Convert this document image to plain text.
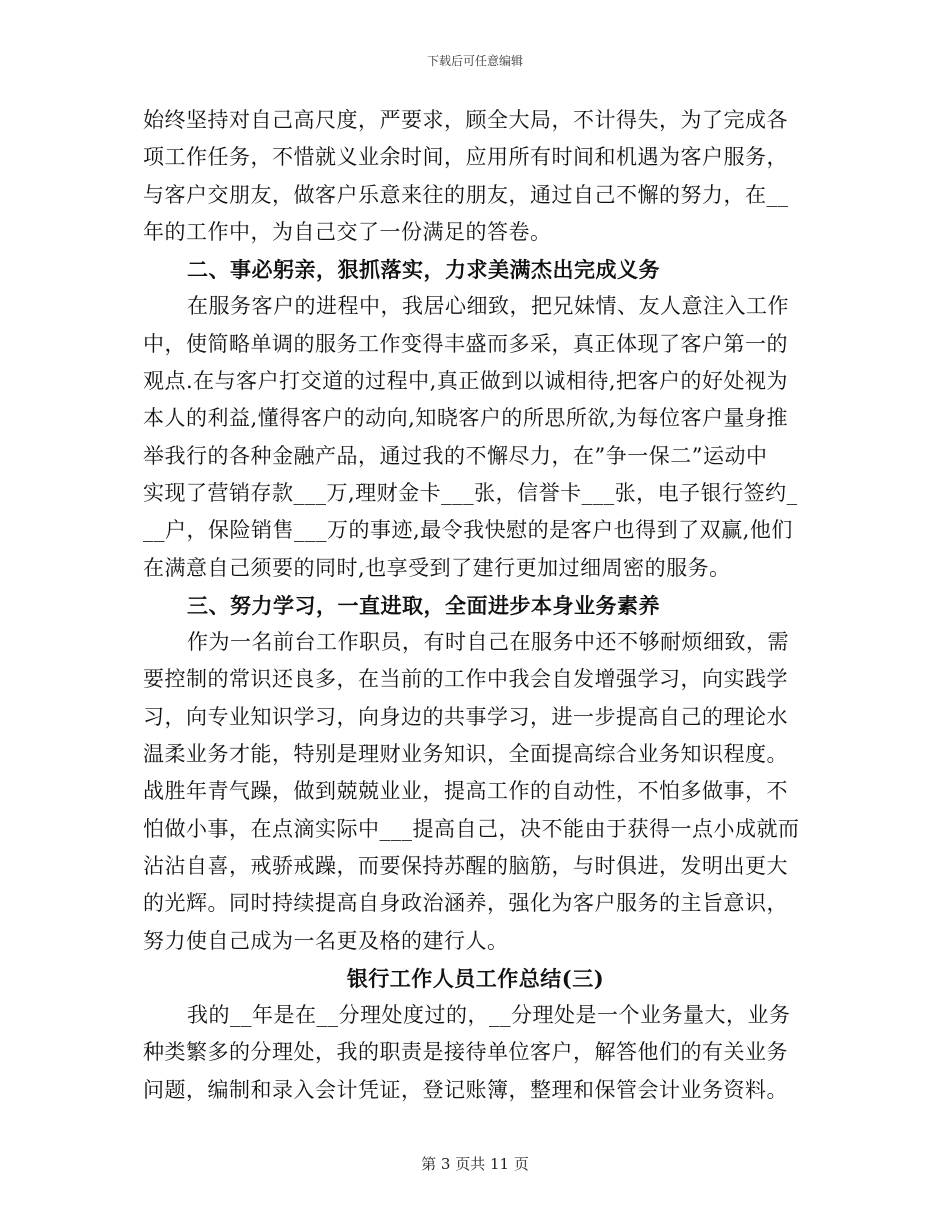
下载后可任意编辑
始终坚持对自己高尺度，严要求，顾全大局，不计得失，为了完成各
项工作任务，不惜就义业余时间，应用所有时间和机遇为客户服务，
与客户交朋友，做客户乐意来往的朋友，通过自己不懈的努力，在__
年的工作中，为自己交了一份满足的答卷。
二、事必躬亲，狠抓落实，力求美满杰出完成义务
在服务客户的进程中，我居心细致，把兄妹情、友人意注入工作
中，使简略单调的服务工作变得丰盛而多采，真正体现了客户第一的
观点.在与客户打交道的过程中,真正做到以诚相待,把客户的好处视为
本人的利益,懂得客户的动向,知晓客户的所思所欲,为每位客户量身推
举我行的各种金融产品，通过我的不懈尽力，在”争一保二”运动中
实现了营销存款___万,理财金卡___张，信誉卡___张，电子银行签约_
__户，保险销售___万的事迹,最令我快慰的是客户也得到了双赢,他们
在满意自己须要的同时,也享受到了建行更加过细周密的服务。
三、努力学习，一直进取，全面进步本身业务素养
作为一名前台工作职员，有时自己在服务中还不够耐烦细致，需
要控制的常识还良多，在当前的工作中我会自发增强学习，向实践学
习，向专业知识学习，向身边的共事学习，进一步提高自己的理论水
温柔业务才能，特别是理财业务知识，全面提高综合业务知识程度。
战胜年青气躁，做到兢兢业业，提高工作的自动性，不怕多做事，不
怕做小事，在点滴实际中___提高自己，决不能由于获得一点小成就而
沾沾自喜，戒骄戒躁，而要保持苏醒的脑筋，与时俱进，发明出更大
的光辉。同时持续提高自身政治涵养，强化为客户服务的主旨意识，
努力使自己成为一名更及格的建行人。
银行工作人员工作总结(三)
我的__年是在__分理处度过的，__分理处是一个业务量大，业务
种类繁多的分理处，我的职责是接待单位客户，解答他们的有关业务
问题，编制和录入会计凭证，登记账簿，整理和保管会计业务资料。
第 3 页共 11 页
